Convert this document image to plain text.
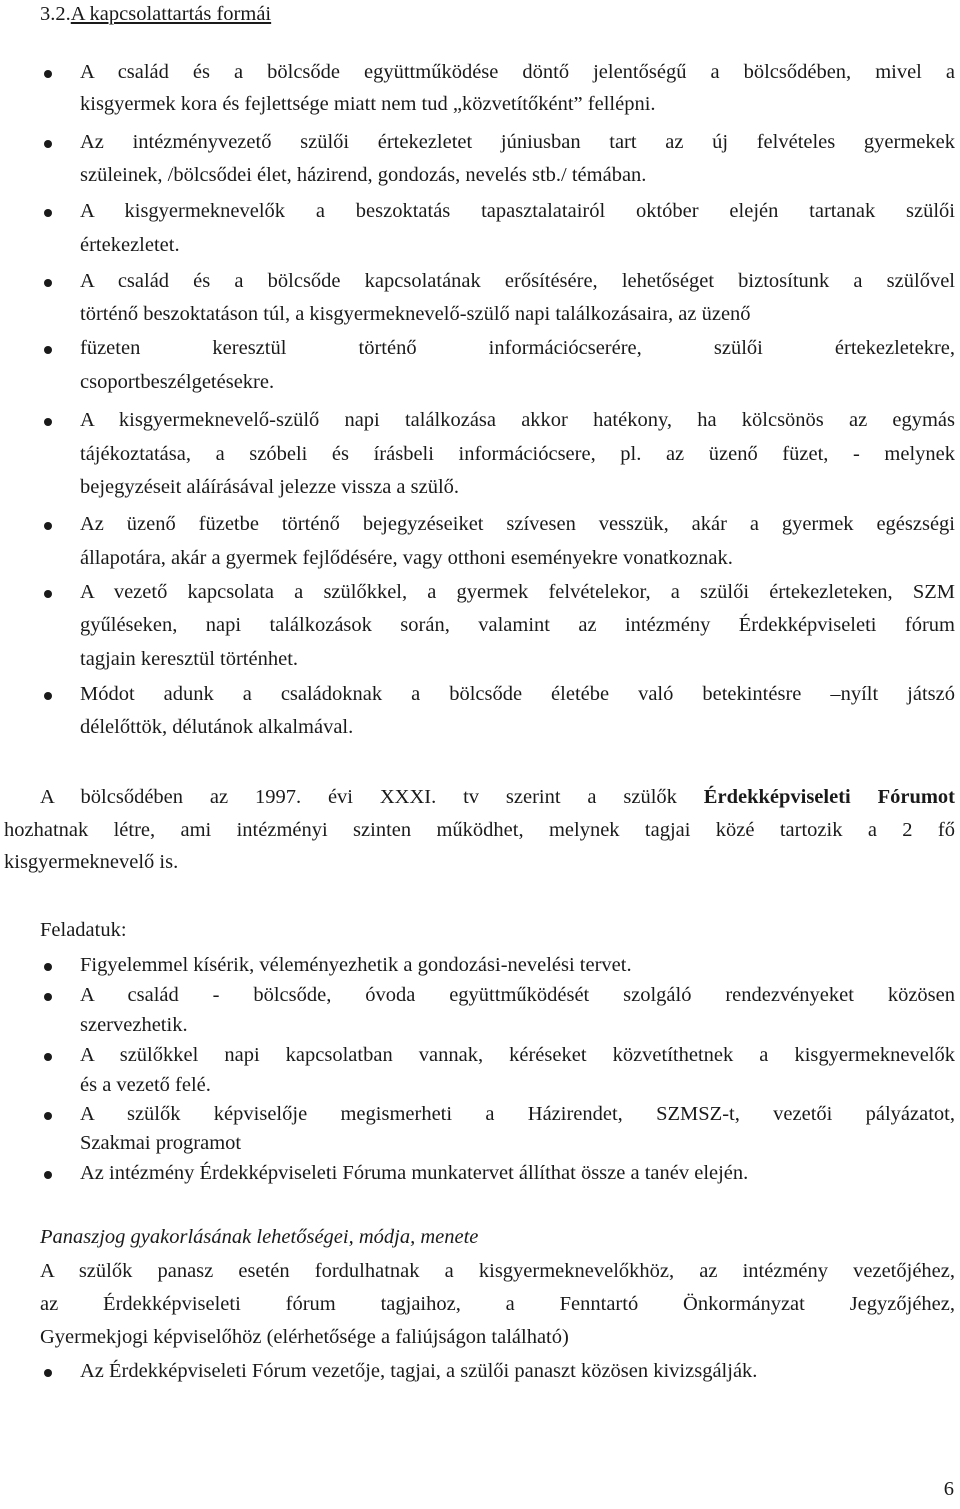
3.2.A kapcsolattartás formái
A család és a bölcsőde együttműködése döntő jelentőségű a bölcsődében, mivel a
kisgyermek kora és fejlettsége miatt nem tud „közvetítőként” fellépni.
Az intézményvezető szülői értekezletet júniusban tart az új felvételes gyermekek
szüleinek, /bölcsődei élet, házirend, gondozás, nevelés stb./ témában.
A kisgyermeknevelők a beszoktatás tapasztalatairól október elején tartanak szülői
értekezletet.
A család és a bölcsőde kapcsolatának erősítésére, lehetőséget biztosítunk a szülővel
történő beszoktatáson túl, a kisgyermeknevelő-szülő napi találkozásaira, az üzenő
füzeten keresztül történő információcserére, szülői értekezletekre,
csoportbeszélgetésekre.
A kisgyermeknevelő-szülő napi találkozása akkor hatékony, ha kölcsönös az egymás
tájékoztatása, a szóbeli és írásbeli információcsere, pl. az üzenő füzet, - melynek
bejegyzéseit aláírásával jelezze vissza a szülő.
Az üzenő füzetbe történő bejegyzéseiket szívesen vesszük, akár a gyermek egészségi
állapotára, akár a gyermek fejlődésére, vagy otthoni eseményekre vonatkoznak.
A vezető kapcsolata a szülőkkel, a gyermek felvételekor, a szülői értekezleteken, SZM
gyűléseken, napi találkozások során, valamint az intézmény Érdekképviseleti fórum
tagjain keresztül történhet.
Módot adunk a családoknak a bölcsőde életébe való betekintésre –nyílt játszó
délelőttök, délutánok alkalmával.
A bölcsődében az 1997. évi XXXI. tv szerint a szülők Érdekképviseleti Fórumot
hozhatnak létre, ami intézményi szinten működhet, melynek tagjai közé tartozik a 2 fő
kisgyermeknevelő is.
Feladatuk:
Figyelemmel kísérik, véleményezhetik a gondozási-nevelési tervet.
A család - bölcsőde, óvoda együttműködését szolgáló rendezvényeket közösen
szervezhetik.
A szülőkkel napi kapcsolatban vannak, kéréseket közvetíthetnek a kisgyermeknevelők
és a vezető felé.
A szülők képviselője megismerheti a Házirendet, SZMSZ-t, vezetői pályázatot,
Szakmai programot
Az intézmény Érdekképviseleti Fóruma munkatervet állíthat össze a tanév elején.
Panaszjog gyakorlásának lehetőségei, módja, menete
A szülők panasz esetén fordulhatnak a kisgyermeknevelőkhöz, az intézmény vezetőjéhez,
az Érdekképviseleti fórum tagjaihoz, a Fenntartó Önkormányzat Jegyzőjéhez,
Gyermekjogi képviselőhöz (elérhetősége a faliújságon található)
Az Érdekképviseleti Fórum vezetője, tagjai, a szülői panaszt közösen kivizsgálják.
6
